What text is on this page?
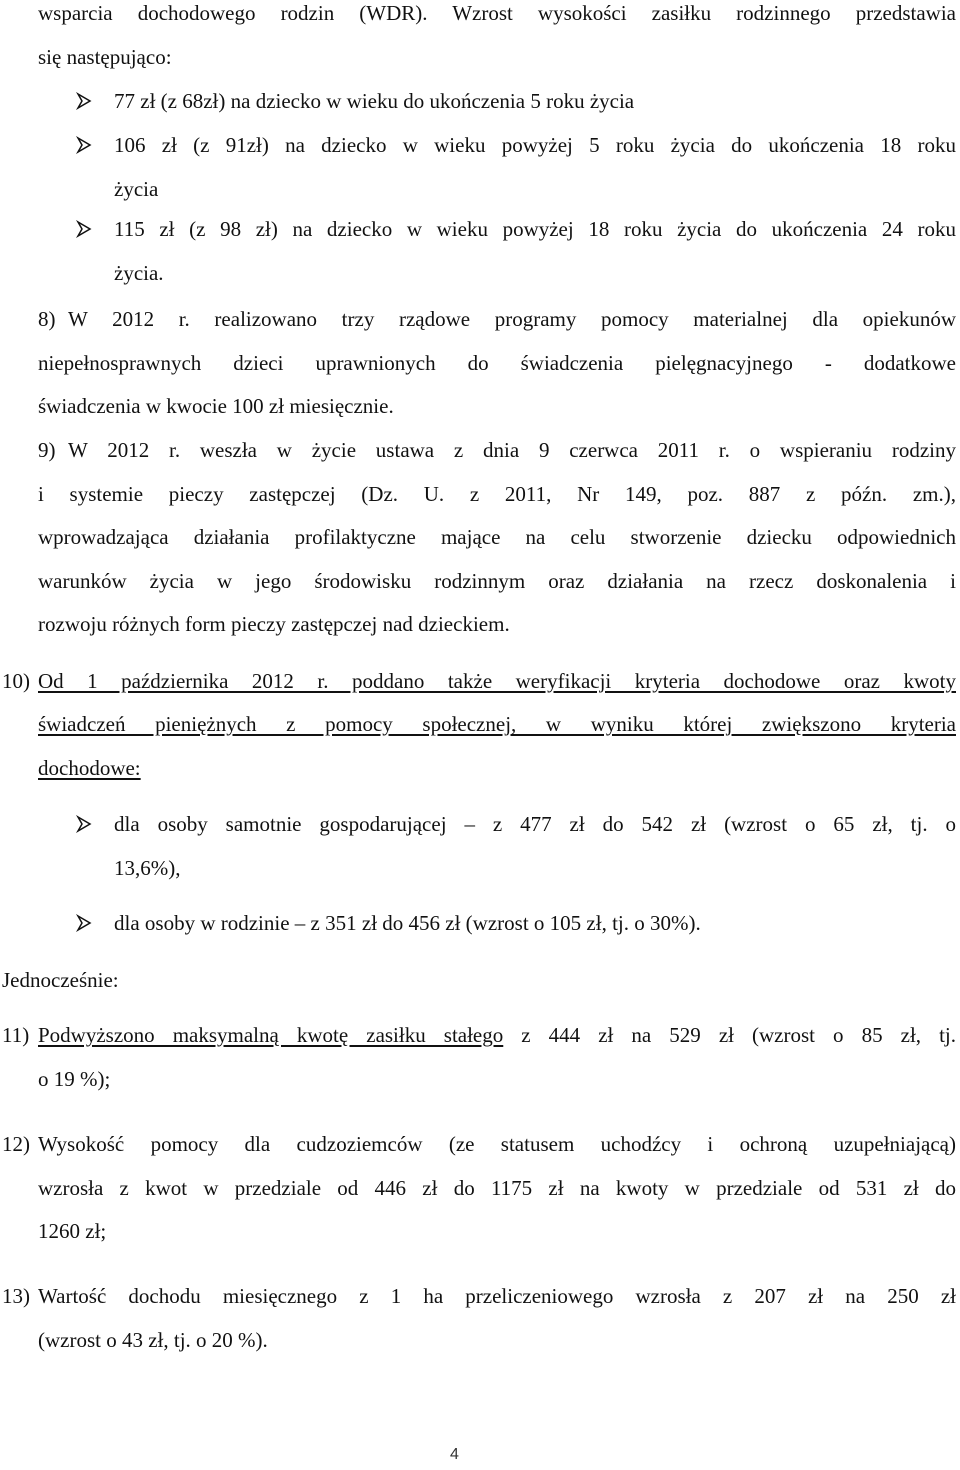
wsparcia dochodowego rodzin (WDR). Wzrost wysokości zasiłku rodzinnego przedstawia
się następująco:
77 zł (z 68zł) na dziecko w wieku do ukończenia 5 roku życia
106 zł (z 91zł) na dziecko w wieku powyżej 5 roku życia do ukończenia 18 roku
życia
115 zł (z 98 zł) na dziecko w wieku powyżej 18 roku życia do ukończenia 24 roku
życia.
8) W 2012 r. realizowano trzy rządowe programy pomocy materialnej dla opiekunów
niepełnosprawnych dzieci uprawnionych do świadczenia pielęgnacyjnego - dodatkowe
świadczenia w kwocie 100 zł miesięcznie.
9) W 2012 r. weszła w życie ustawa z dnia 9 czerwca 2011 r. o wspieraniu rodziny
i systemie pieczy zastępczej (Dz. U. z 2011, Nr 149, poz. 887 z późn. zm.),
wprowadzająca działania profilaktyczne mające na celu stworzenie dziecku odpowiednich
warunków życia w jego środowisku rodzinnym oraz działania na rzecz doskonalenia i
rozwoju różnych form pieczy zastępczej nad dzieckiem.
10) Od 1 października 2012 r. poddano także weryfikacji kryteria dochodowe oraz kwoty
świadczeń pieniężnych z pomocy społecznej, w wyniku której zwiększono kryteria
dochodowe:
dla osoby samotnie gospodarującej – z 477 zł do 542 zł (wzrost o 65 zł, tj. o
13,6%),
dla osoby w rodzinie – z 351 zł do 456 zł (wzrost o 105 zł, tj. o 30%).
Jednocześnie:
11) Podwyższono maksymalną kwotę zasiłku stałego z 444 zł na 529 zł (wzrost o 85 zł, tj.
o 19 %);
12) Wysokość pomocy dla cudzoziemców (ze statusem uchodźcy i ochroną uzupełniającą)
wzrosła z kwot w przedziale od 446 zł do 1175 zł na kwoty w przedziale od 531 zł do
1260 zł;
13) Wartość dochodu miesięcznego z 1 ha przeliczeniowego wzrosła z 207 zł na 250 zł
(wzrost o 43 zł, tj. o 20 %).
4
